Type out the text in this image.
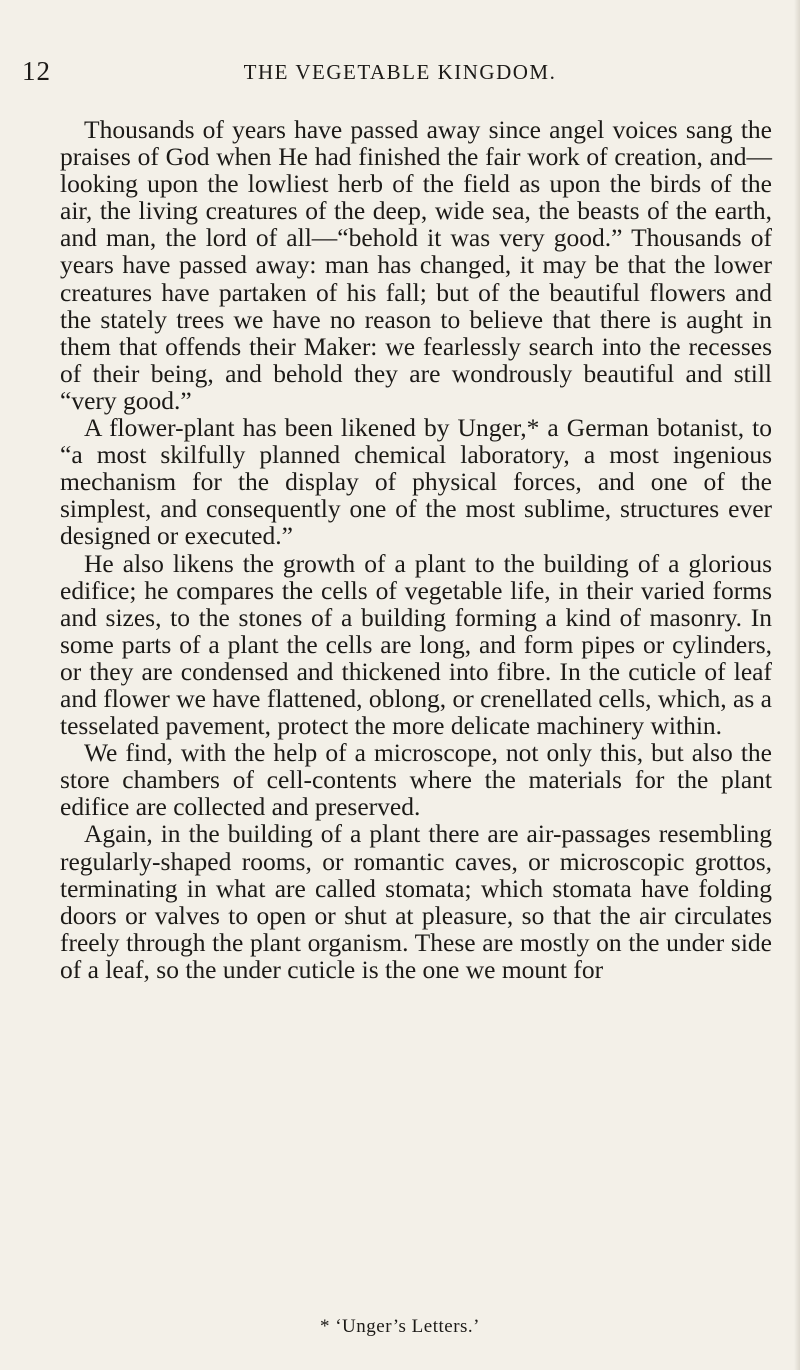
12	THE VEGETABLE KINGDOM.

Thousands of years have passed away since angel voices sang the praises of God when He had finished the fair work of creation, and—looking upon the lowliest herb of the field as upon the birds of the air, the living creatures of the deep, wide sea, the beasts of the earth, and man, the lord of all—“behold it was very good.” Thousands of years have passed away: man has changed, it may be that the lower creatures have partaken of his fall; but of the beautiful flowers and the stately trees we have no reason to believe that there is aught in them that offends their Maker: we fearlessly search into the recesses of their being, and behold they are wondrously beautiful and still “very good.”

A flower-plant has been likened by Unger,* a German botanist, to “a most skilfully planned chemical laboratory, a most ingenious mechanism for the display of physical forces, and one of the simplest, and consequently one of the most sublime, structures ever designed or executed.”

He also likens the growth of a plant to the building of a glorious edifice; he compares the cells of vegetable life, in their varied forms and sizes, to the stones of a building forming a kind of masonry. In some parts of a plant the cells are long, and form pipes or cylinders, or they are condensed and thickened into fibre. In the cuticle of leaf and flower we have flattened, oblong, or crenellated cells, which, as a tesselated pavement, protect the more delicate machinery within.

We find, with the help of a microscope, not only this, but also the store chambers of cell-contents where the materials for the plant edifice are collected and preserved.

Again, in the building of a plant there are air-passages resembling regularly-shaped rooms, or romantic caves, or microscopic grottos, terminating in what are called stomata; which stomata have folding doors or valves to open or shut at pleasure, so that the air circulates freely through the plant organism. These are mostly on the under side of a leaf, so the under cuticle is the one we mount for

* ‘Unger’s Letters.’
